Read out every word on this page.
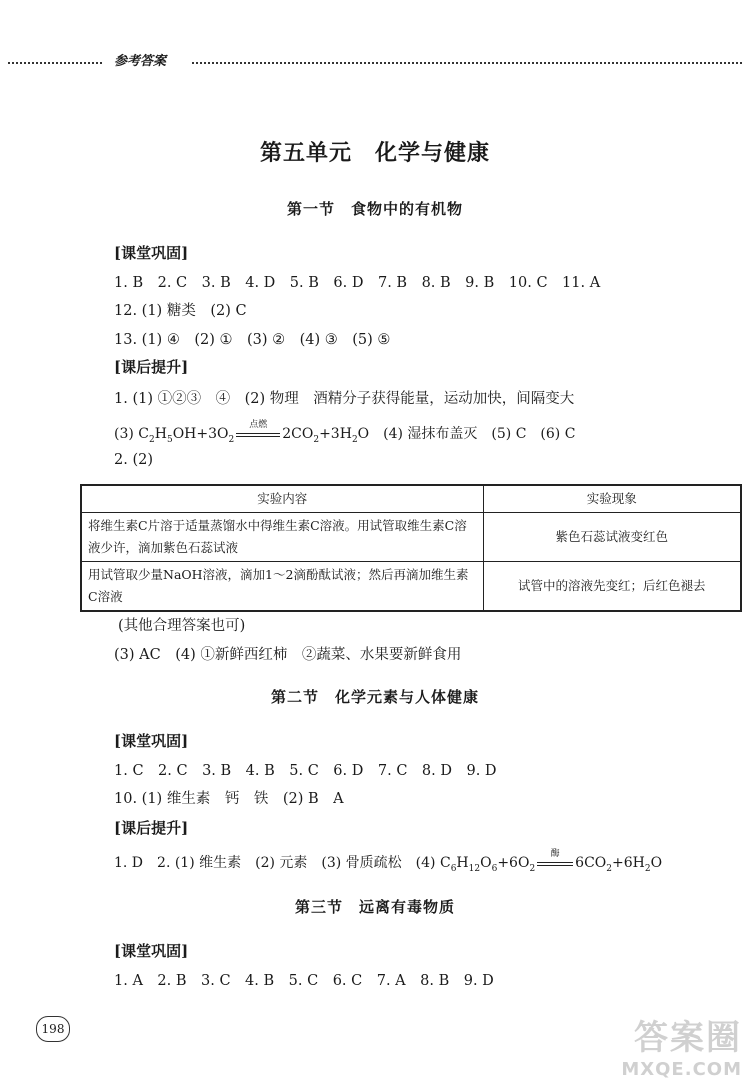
参考答案
第五单元　化学与健康
第一节　食物中的有机物
[课堂巩固]
1. B　2. C　3. B　4. D　5. B　6. D　7. B　8. B　9. B　10. C　11. A
12. (1) 糖类　(2) C
13. (1) ④　(2) ①　(3) ②　(4) ③　(5) ⑤
[课后提升]
1. (1) ①②③　④　(2) 物理　酒精分子获得能量，运动加快，间隔变大
(3) $C_2H_5OH+3O_2$
点燃
$2CO_2+3H_2O$　(4) 湿抹布盖灭　(5) C　(6) C
2. (2)
实验内容	实验现象
将维生素C片溶于适量蒸馏水中得维生素C溶液。用试管取维生素C溶液少许，滴加紫色石蕊试液	紫色石蕊试液变红色
用试管取少量NaOH溶液，滴加1～2滴酚酞试液；然后再滴加维生素C溶液	试管中的溶液先变红；后红色褪去
(其他合理答案也可)
(3) AC　(4) ①新鲜西红柿　②蔬菜、水果要新鲜食用
第二节　化学元素与人体健康
[课堂巩固]
1. C　2. C　3. B　4. B　5. C　6. D　7. C　8. D　9. D
10. (1) 维生素　钙　铁　(2) B　A
[课后提升]
1. D　2. (1) 维生素　(2) 元素　(3) 骨质疏松　(4) $C_6H_{12}O_6+6O_2$
酶
$6CO_2+6H_2O$
第三节　远离有毒物质
[课堂巩固]
1. A　2. B　3. C　4. B　5. C　6. C　7. A　8. B　9. D
198	答案圈
MXQE.COM
